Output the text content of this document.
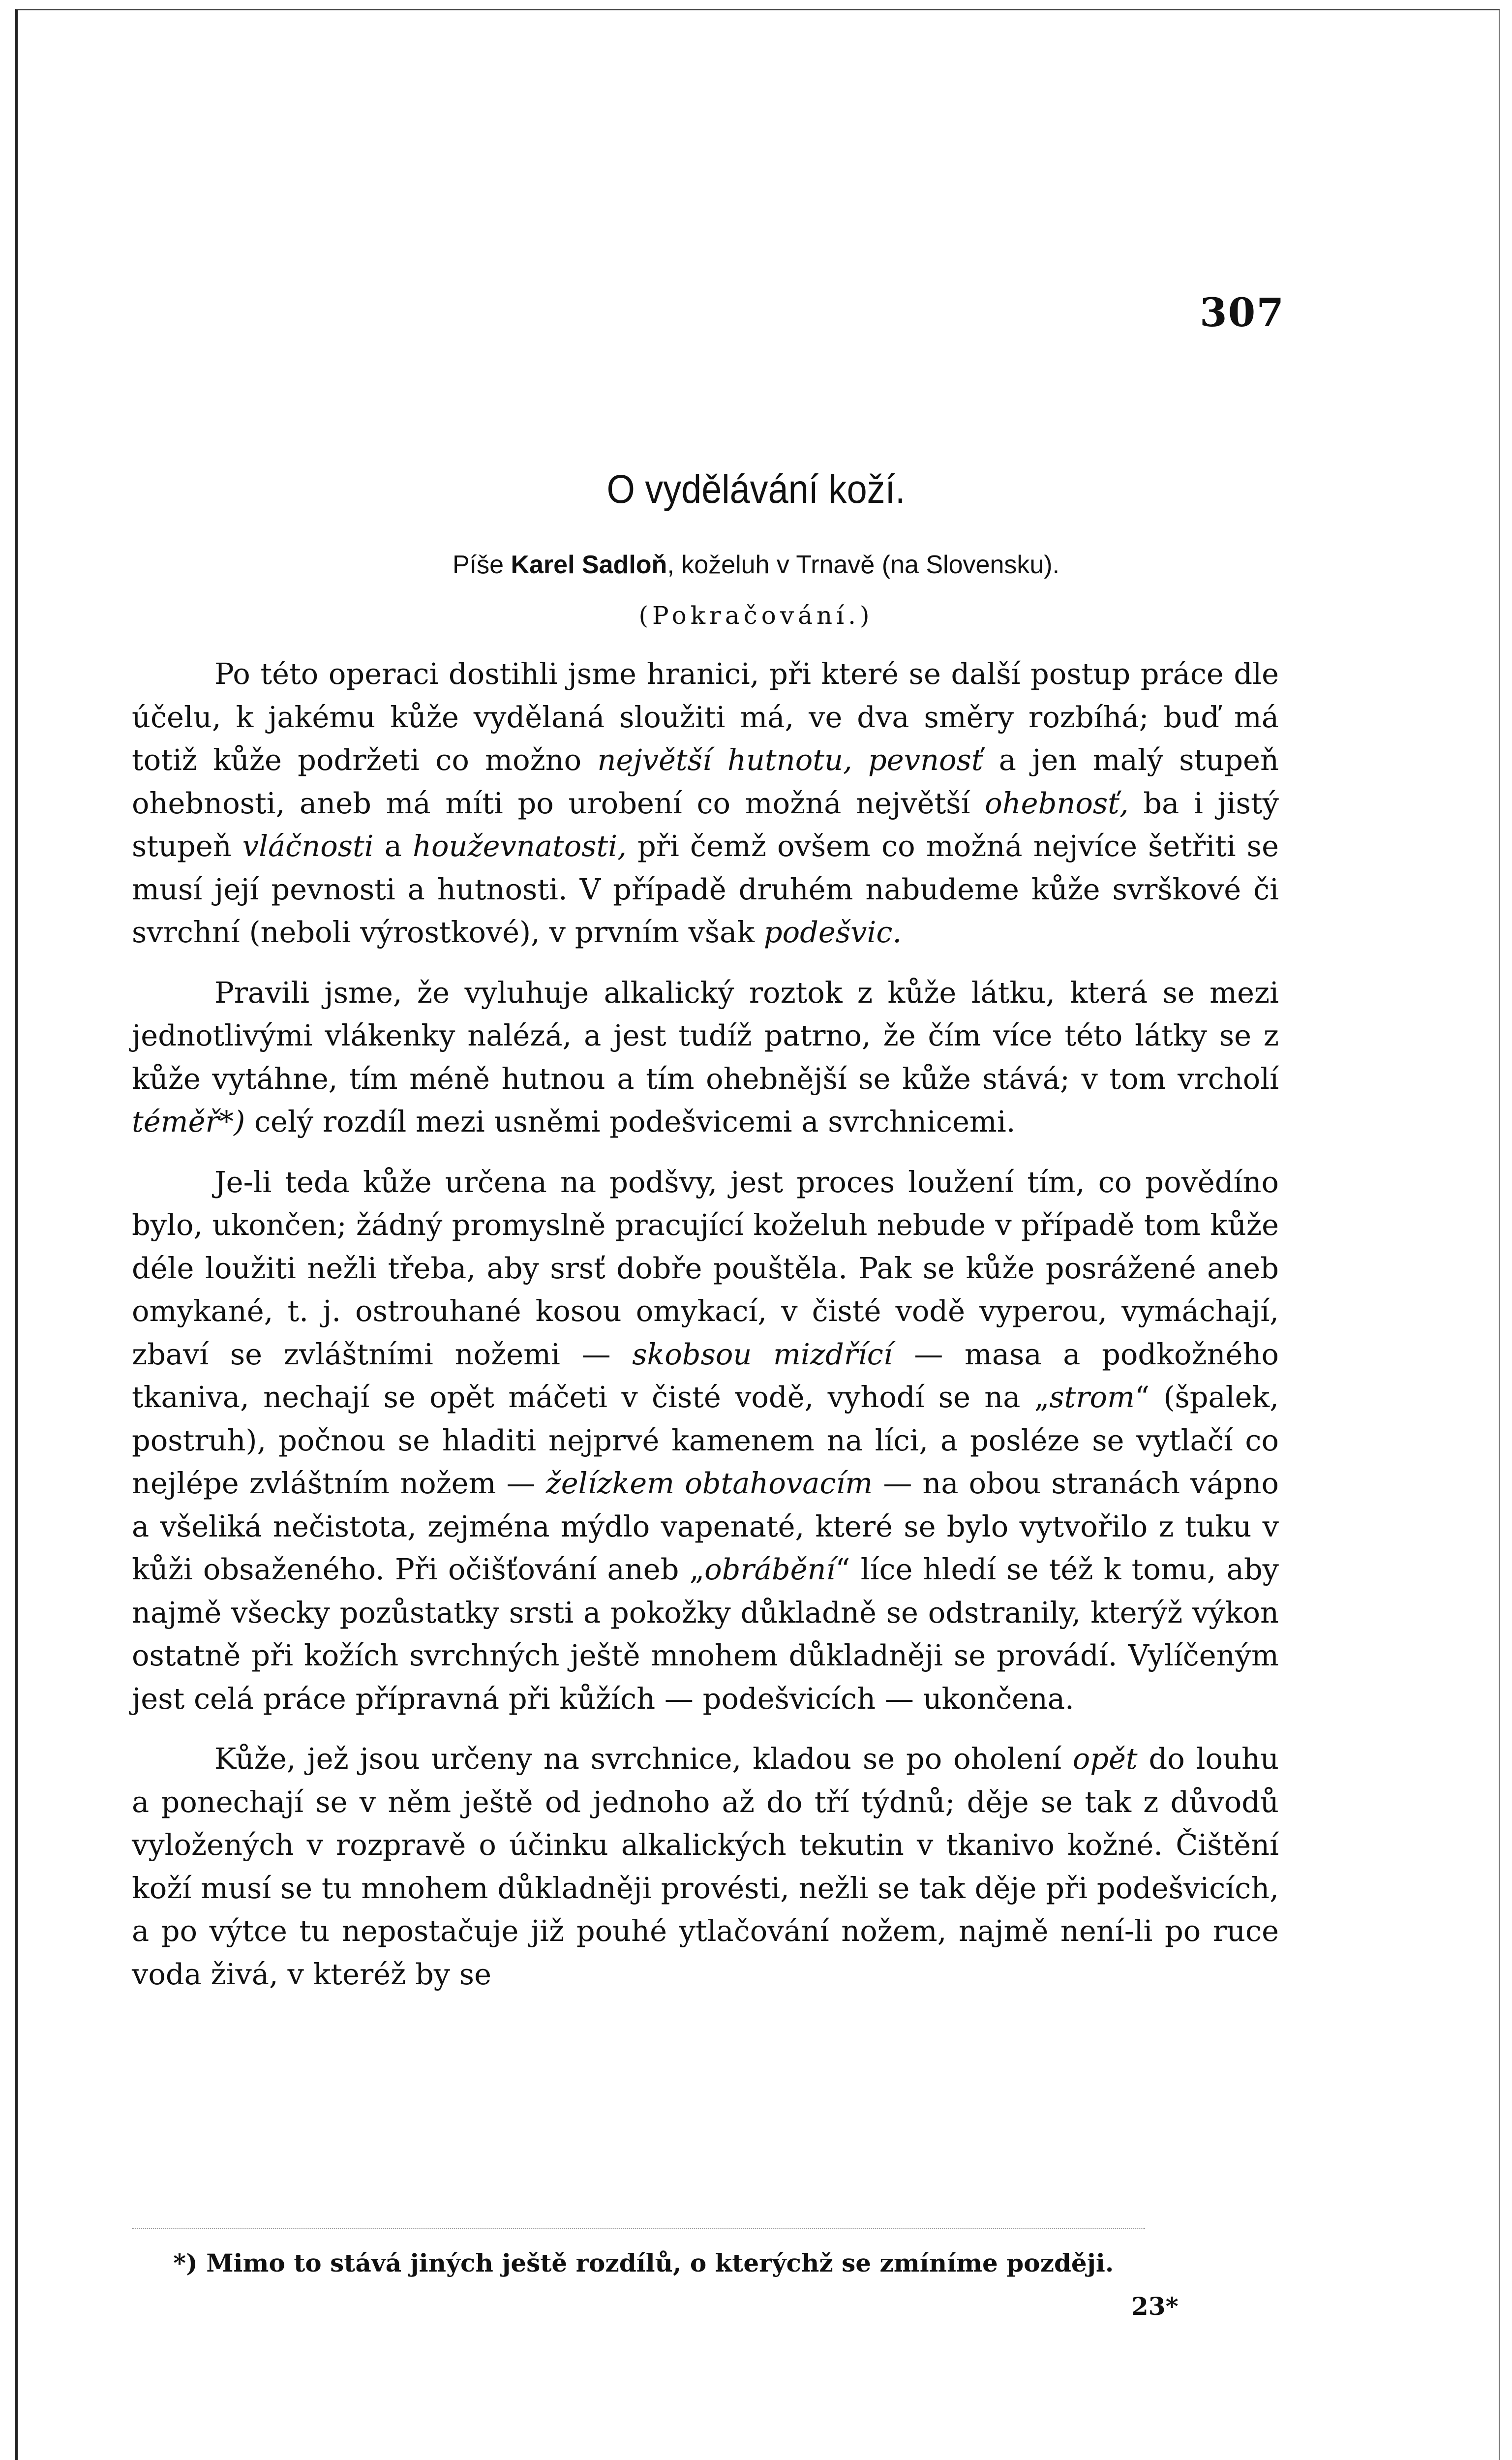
307

O vydělávání koží.

Píše Karel Sadloň, koželuh v Trnavě (na Slovensku).

(Pokračování.)

Po této operaci dostihli jsme hranici, při které se další postup práce dle účelu, k jakému kůže vydělaná sloužiti má, ve dva směry rozbíhá; buď má totiž kůže podržeti co možno největší hutnotu, pevnosť a jen malý stupeň ohebnosti, aneb má míti po urobení co možná největší ohebnosť, ba i jistý stupeň vláčnosti a houževnatosti, při čemž ovšem co možná nejvíce šetřiti se musí její pevnosti a hutnosti. V případě druhém nabudeme kůže svrškové či svrchní (neboli výrostkové), v prvním však podešvic.

Pravili jsme, že vyluhuje alkalický roztok z kůže látku, která se mezi jednotlivými vlákenky nalézá, a jest tudíž patrno, že čím více této látky se z kůže vytáhne, tím méně hutnou a tím ohebnější se kůže stává; v tom vrcholí téměř*) celý rozdíl mezi usněmi podešvicemi a svrchnicemi.

Je-li teda kůže určena na podšvy, jest proces loužení tím, co povědíno bylo, ukončen; žádný promyslně pracující koželuh nebude v případě tom kůže déle loužiti nežli třeba, aby srsť dobře pouštěla. Pak se kůže posrážené aneb omykané, t. j. ostrouhané kosou omykací, v čisté vodě vyperou, vymáchají, zbaví se zvláštními nožemi — skobsou mizdřící — masa a podkožného tkaniva, nechají se opět máčeti v čisté vodě, vyhodí se na „strom“ (špalek, postruh), počnou se hladiti nejprvé kamenem na líci, a posléze se vytlačí co nejlépe zvláštním nožem — želízkem obtahovacím — na obou stranách vápno a všeliká nečistota, zejména mýdlo vapenaté, které se bylo vytvořilo z tuku v kůži obsaženého. Při očišťování aneb „obrábění“ líce hledí se též k tomu, aby najmě všecky pozůstatky srsti a pokožky důkladně se odstranily, kterýž výkon ostatně při kožích svrchných ještě mnohem důkladněji se provádí. Vylíčeným jest celá práce přípravná při kůžích — podešvicích — ukončena.

Kůže, jež jsou určeny na svrchnice, kladou se po oholení opět do louhu a ponechají se v něm ještě od jednoho až do tří týdnů; děje se tak z důvodů vyložených v rozpravě o účinku alkalických tekutin v tkanivo kožné. Čištění koží musí se tu mnohem důkladněji provésti, nežli se tak děje při podešvicích, a po výtce tu nepostačuje již pouhé ytlačování nožem, najmě není-li po ruce voda živá, v kteréž by se

*) Mimo to stává jiných ještě rozdílů, o kterýchž se zmíníme později.

23*
